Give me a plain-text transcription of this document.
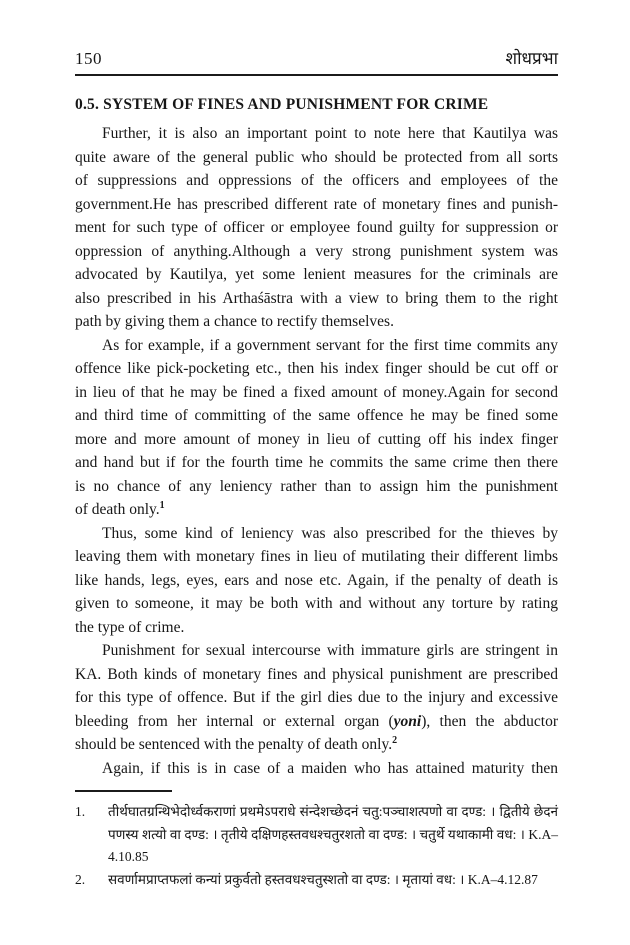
150	शोधप्रभा
0.5. SYSTEM OF FINES AND PUNISHMENT FOR CRIME
Further, it is also an important point to note here that Kautilya was
quite aware of the general public who should be protected from all sorts
of suppressions and oppressions of the officers and employees of the
government.He has prescribed different rate of monetary fines and punish-
ment for such type of officer or employee found guilty for suppression or
oppression of anything.Although a very strong punishment system was
advocated by Kautilya, yet some lenient measures for the criminals are
also prescribed in his Arthaśāstra with a view to bring them to the right
path by giving them a chance to rectify themselves.
As for example, if a government servant for the first time commits any
offence like pick-pocketing etc., then his index finger should be cut off or
in lieu of that he may be fined a fixed amount of money.Again for second
and third time of committing of the same offence he may be fined some
more and more amount of money in lieu of cutting off his index finger
and hand but if for the fourth time he commits the same crime then there
is no chance of any leniency rather than to assign him the punishment
of death only.$^1$
Thus, some kind of leniency was also prescribed for the thieves by
leaving them with monetary fines in lieu of mutilating their different limbs
like hands, legs, eyes, ears and nose etc. Again, if the penalty of death is
given to someone, it may be both with and without any torture by rating
the type of crime.
Punishment for sexual intercourse with immature girls are stringent in
KA. Both kinds of monetary fines and physical punishment are prescribed
for this type of offence. But if the girl dies due to the injury and excessive
bleeding from her internal or external organ (yoni), then the abductor
should be sentenced with the penalty of death only.$^2$
Again, if this is in case of a maiden who has attained maturity then
1.	तीर्थघातग्रन्थिभेदोर्ध्वकराणां प्रथमेऽपराधे संन्देशच्छेदनं चतु:पञ्चाशत्पणो वा दण्ड: । द्वितीये छेदनं पणस्य शत्यो वा दण्ड: । तृतीये दक्षिणहस्तवधश्चतुरशतो वा दण्ड: । चतुर्थे यथाकामी वध: । K.A– 4.10.85
2.	सवर्णामप्राप्तफलां कन्यां प्रकुर्वतो हस्तवधश्चतुस्शतो वा दण्ड: । मृतायां वध: । K.A–4.12.87
